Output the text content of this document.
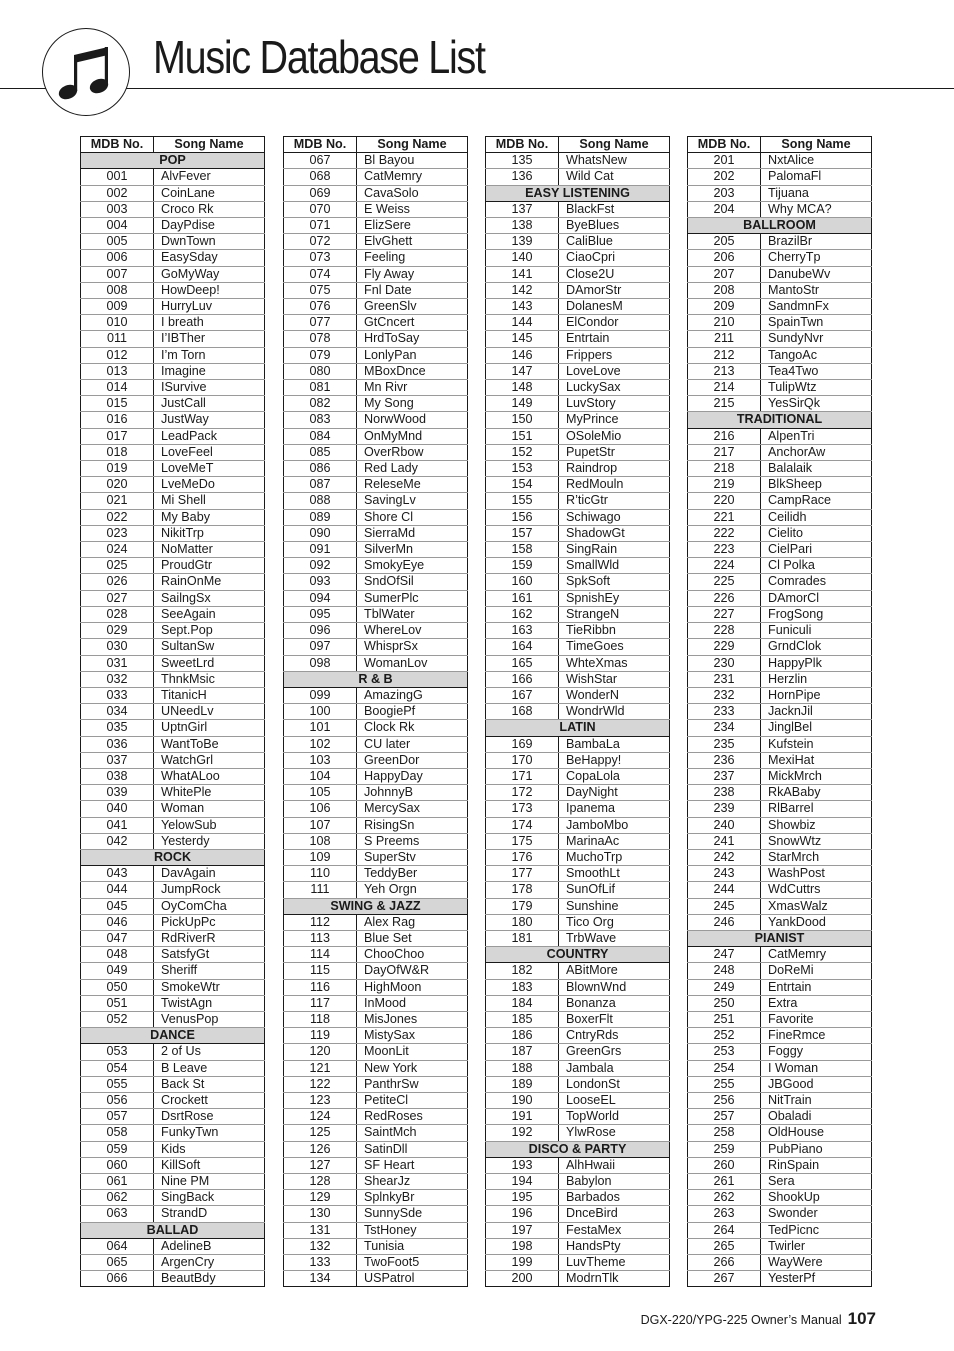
Music Database List
MDB No.	Song Name
POP	
001	AlvFever
002	CoinLane
003	Croco Rk
004	DayPdise
005	DwnTown
006	EasySday
007	GoMyWay
008	HowDeep!
009	HurryLuv
010	I breath
011	I’IBTher
012	I’m Torn
013	Imagine
014	ISurvive
015	JustCall
016	JustWay
017	LeadPack
018	LoveFeel
019	LoveMeT
020	LveMeDo
021	Mi Shell
022	My Baby
023	NikitTrp
024	NoMatter
025	ProudGtr
026	RainOnMe
027	SailngSx
028	SeeAgain
029	Sept.Pop
030	SultanSw
031	SweetLrd
032	ThnkMsic
033	TitanicH
034	UNeedLv
035	UptnGirl
036	WantToBe
037	WatchGrl
038	WhatALoo
039	WhitePle
040	Woman
041	YelowSub
042	Yesterdy
ROCK	
043	DavAgain
044	JumpRock
045	OyComCha
046	PickUpPc
047	RdRiverR
048	SatsfyGt
049	Sheriff
050	SmokeWtr
051	TwistAgn
052	VenusPop
DANCE	
053	2 of Us
054	B Leave
055	Back St
056	Crockett
057	DsrtRose
058	FunkyTwn
059	Kids
060	KillSoft
061	Nine PM
062	SingBack
063	StrandD
BALLAD	
064	AdelineB
065	ArgenCry
066	BeautBdy
MDB No.	Song Name
067	Bl Bayou
068	CatMemry
069	CavaSolo
070	E Weiss
071	ElizSere
072	ElvGhett
073	Feeling
074	Fly Away
075	Fnl Date
076	GreenSlv
077	GtCncert
078	HrdToSay
079	LonlyPan
080	MBoxDnce
081	Mn Rivr
082	My Song
083	NorwWood
084	OnMyMnd
085	OverRbow
086	Red Lady
087	ReleseMe
088	SavingLv
089	Shore Cl
090	SierraMd
091	SilverMn
092	SmokyEye
093	SndOfSil
094	SumerPlc
095	TblWater
096	WhereLov
097	WhisprSx
098	WomanLov
R & B	
099	AmazingG
100	BoogiePf
101	Clock Rk
102	CU later
103	GreenDor
104	HappyDay
105	JohnnyB
106	MercySax
107	RisingSn
108	S Preems
109	SuperStv
110	TeddyBer
111	Yeh Orgn
SWING & JAZZ	
112	Alex Rag
113	Blue Set
114	ChooChoo
115	DayOfW&R
116	HighMoon
117	InMood
118	MisJones
119	MistySax
120	MoonLit
121	New York
122	PanthrSw
123	PetiteCl
124	RedRoses
125	SaintMch
126	SatinDll
127	SF Heart
128	ShearJz
129	SplnkyBr
130	SunnySde
131	TstHoney
132	Tunisia
133	TwoFoot5
134	USPatrol
MDB No.	Song Name
135	WhatsNew
136	Wild Cat
EASY LISTENING	
137	BlackFst
138	ByeBlues
139	CaliBlue
140	CiaoCpri
141	Close2U
142	DAmorStr
143	DolanesM
144	ElCondor
145	Entrtain
146	Frippers
147	LoveLove
148	LuckySax
149	LuvStory
150	MyPrince
151	OSoleMio
152	PupetStr
153	Raindrop
154	RedMouln
155	R’ticGtr
156	Schiwago
157	ShadowGt
158	SingRain
159	SmallWld
160	SpkSoft
161	SpnishEy
162	StrangeN
163	TieRibbn
164	TimeGoes
165	WhteXmas
166	WishStar
167	WonderN
168	WondrWld
LATIN	
169	BambaLa
170	BeHappy!
171	CopaLola
172	DayNight
173	Ipanema
174	JamboMbo
175	MarinaAc
176	MuchoTrp
177	SmoothLt
178	SunOfLif
179	Sunshine
180	Tico Org
181	TrbWave
COUNTRY	
182	ABitMore
183	BlownWnd
184	Bonanza
185	BoxerFlt
186	CntryRds
187	GreenGrs
188	Jambala
189	LondonSt
190	LooseEL
191	TopWorld
192	YlwRose
DISCO & PARTY	
193	AlhHwaii
194	Babylon
195	Barbados
196	DnceBird
197	FestaMex
198	HandsPty
199	LuvTheme
200	ModrnTlk
MDB No.	Song Name
201	NxtAlice
202	PalomaFl
203	Tijuana
204	Why MCA?
BALLROOM	
205	BrazilBr
206	CherryTp
207	DanubeWv
208	MantoStr
209	SandmnFx
210	SpainTwn
211	SundyNvr
212	TangoAc
213	Tea4Two
214	TulipWtz
215	YesSirQk
TRADITIONAL	
216	AlpenTri
217	AnchorAw
218	Balalaik
219	BlkSheep
220	CampRace
221	Ceilidh
222	Cielito
223	CielPari
224	Cl Polka
225	Comrades
226	DAmorCl
227	FrogSong
228	Funiculi
229	GrndClok
230	HappyPlk
231	Herzlin
232	HornPipe
233	JacknJil
234	JinglBel
235	Kufstein
236	MexiHat
237	MickMrch
238	RkABaby
239	RlBarrel
240	Showbiz
241	SnowWtz
242	StarMrch
243	WashPost
244	WdCuttrs
245	XmasWalz
246	YankDood
PIANIST	
247	CatMemry
248	DoReMi
249	Entrtain
250	Extra
251	Favorite
252	FineRmce
253	Foggy
254	I Woman
255	JBGood
256	NitTrain
257	Obaladi
258	OldHouse
259	PubPiano
260	RinSpain
261	Sera
262	ShookUp
263	Swonder
264	TedPicnc
265	Twirler
266	WayWere
267	YesterPf
DGX-220/YPG-225 Owner’s Manual 107
